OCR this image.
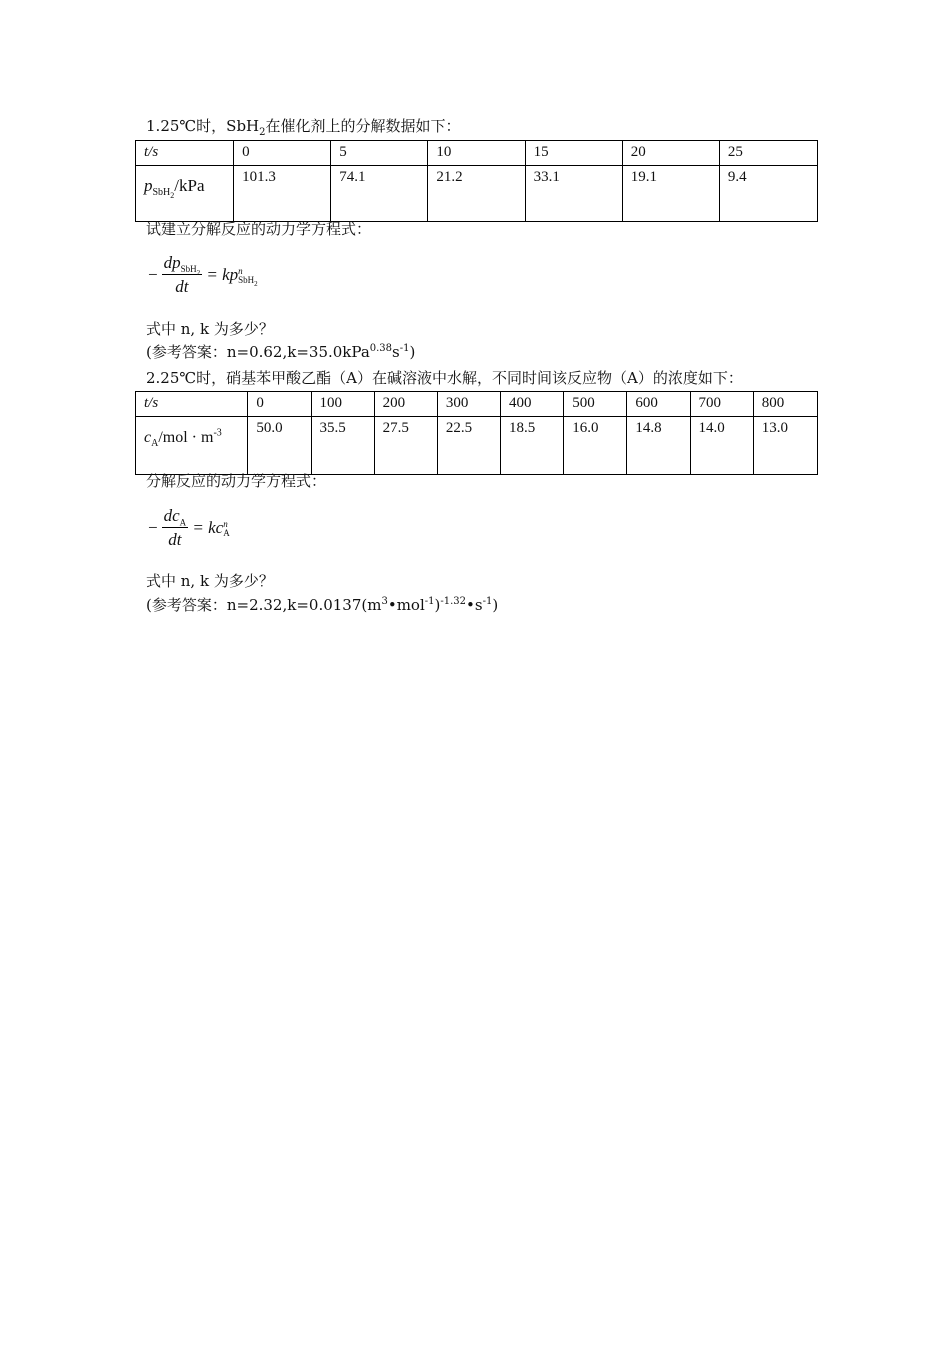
1.25℃时，SbH$_2$在催化剂上的分解数据如下：
t/s	0	5	10	15	20	25
$p_{SbH_2}$/kPa	101.3	74.1	21.2	33.1	19.1	9.4
试建立分解反应的动力学方程式：
− $\frac{dp_{SbH_2}}{dt}$ = kp n
SbH$_2$
式中 n, k 为多少？
(参考答案：$n=0.62,k=35.0kPa^{0.38}s^{-1}$)
2.25℃时，硝基苯甲酸乙酯（A）在碱溶液中水解，不同时间该反应物（A）的浓度如下：
t/s	0	100	200	300	400	500	600	700	800
$c_A$/mol · $m^{-3}$	50.0	35.5	27.5	22.5	18.5	16.0	14.8	14.0	13.0
分解反应的动力学方程式：
− $\frac{dc_A}{dt}$ = kc n
A
式中 n, k 为多少？
(参考答案：$n=2.32,k=0.0137(m^3•mol^{-1})^{-1.32}•s^{-1}$)
